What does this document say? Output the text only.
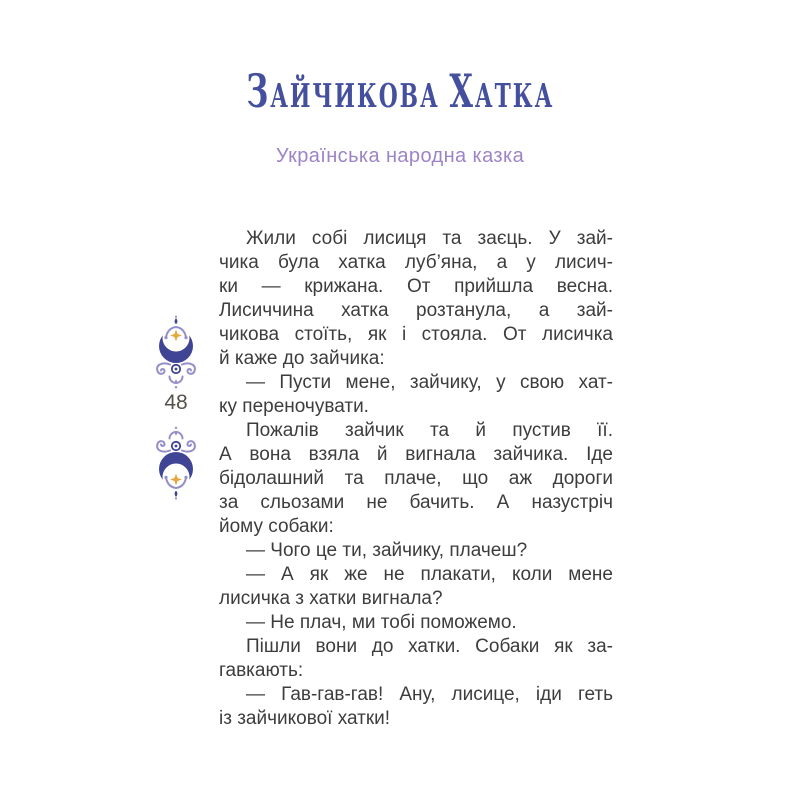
ЗАЙЧИКОВА ХАТКА
Українська народна казка
48
Жили собі лисиця та заєць. У зай-
чика була хатка луб’яна, а у лисич-
ки — крижана. От прийшла весна.
Лисиччина хатка розтанула, а зай-
чикова стоїть, як і стояла. От лисичка
й каже до зайчика:
— Пусти мене, зайчику, у свою хат-
ку переночувати.
Пожалів зайчик та й пустив її.
А вона взяла й вигнала зайчика. Іде
бідолашний та плаче, що аж дороги
за сльозами не бачить. А назустріч
йому собаки:
— Чого це ти, зайчику, плачеш?
— А як же не плакати, коли мене
лисичка з хатки вигнала?
— Не плач, ми тобі поможемо.
Пішли вони до хатки. Собаки як за-
гавкають:
— Гав-гав-гав! Ану, лисице, іди геть
із зайчикової хатки!
